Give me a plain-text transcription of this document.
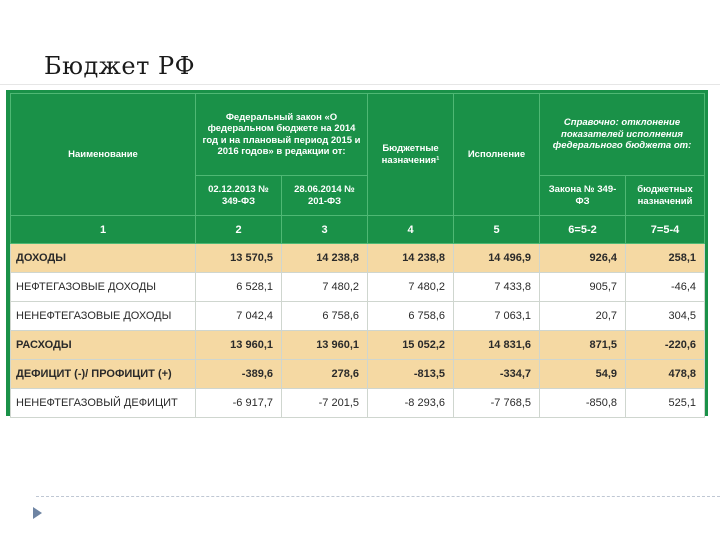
Бюджет РФ
Наименование	Федеральный закон «О федеральном бюджете на 2014 год и на плановый период 2015 и 2016 годов» в редакции от:		Бюджетные назначения¹	Исполнение	Справочно: отклонение показателей исполнения федерального бюджета от:	
	02.12.2013 № 349-ФЗ	28.06.2014 № 201-ФЗ			Закона № 349-ФЗ	бюджетных назначений
1	2	3	4	5	6=5-2	7=5-4
ДОХОДЫ	13 570,5	14 238,8	14 238,8	14 496,9	926,4	258,1
НЕФТЕГАЗОВЫЕ ДОХОДЫ	6 528,1	7 480,2	7 480,2	7 433,8	905,7	-46,4
НЕНЕФТЕГАЗОВЫЕ ДОХОДЫ	7 042,4	6 758,6	6 758,6	7 063,1	20,7	304,5
РАСХОДЫ	13 960,1	13 960,1	15 052,2	14 831,6	871,5	-220,6
ДЕФИЦИТ (-)/ ПРОФИЦИТ (+)	-389,6	278,6	-813,5	-334,7	54,9	478,8
НЕНЕФТЕГАЗОВЫЙ ДЕФИЦИТ	-6 917,7	-7 201,5	-8 293,6	-7 768,5	-850,8	525,1
